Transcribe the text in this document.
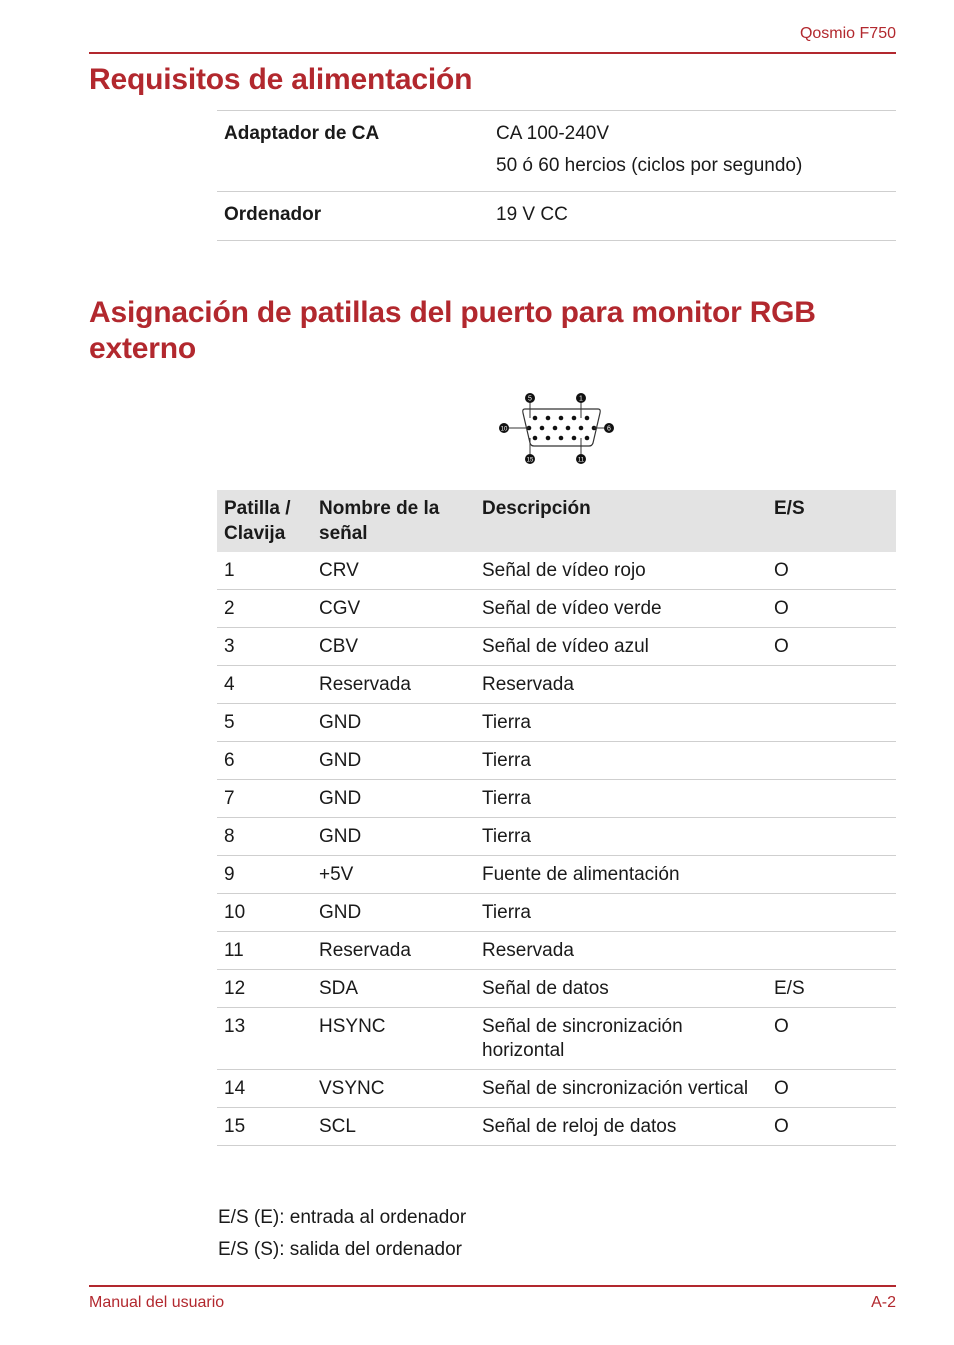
Qosmio F750
Requisitos de alimentación
Adaptador de CA	CA 100-240V
50 ó 60 hercios (ciclos por segundo)

Ordenador	19 V CC
Asignación de patillas del puerto para monitor RGB externo
5	1
10	6
15	11
Patilla / Clavija	Nombre de la señal	Descripción	E/S
1	CRV	Señal de vídeo rojo	O
2	CGV	Señal de vídeo verde	O
3	CBV	Señal de vídeo azul	O
4	Reservada	Reservada	
5	GND	Tierra	
6	GND	Tierra	
7	GND	Tierra	
8	GND	Tierra	
9	+5V	Fuente de alimentación	
10	GND	Tierra	
11	Reservada	Reservada	
12	SDA	Señal de datos	E/S
13	HSYNC	Señal de sincronización horizontal	O
14	VSYNC	Señal de sincronización vertical	O
15	SCL	Señal de reloj de datos	O
E/S (E): entrada al ordenador
E/S (S): salida del ordenador
Manual del usuario	A-2
